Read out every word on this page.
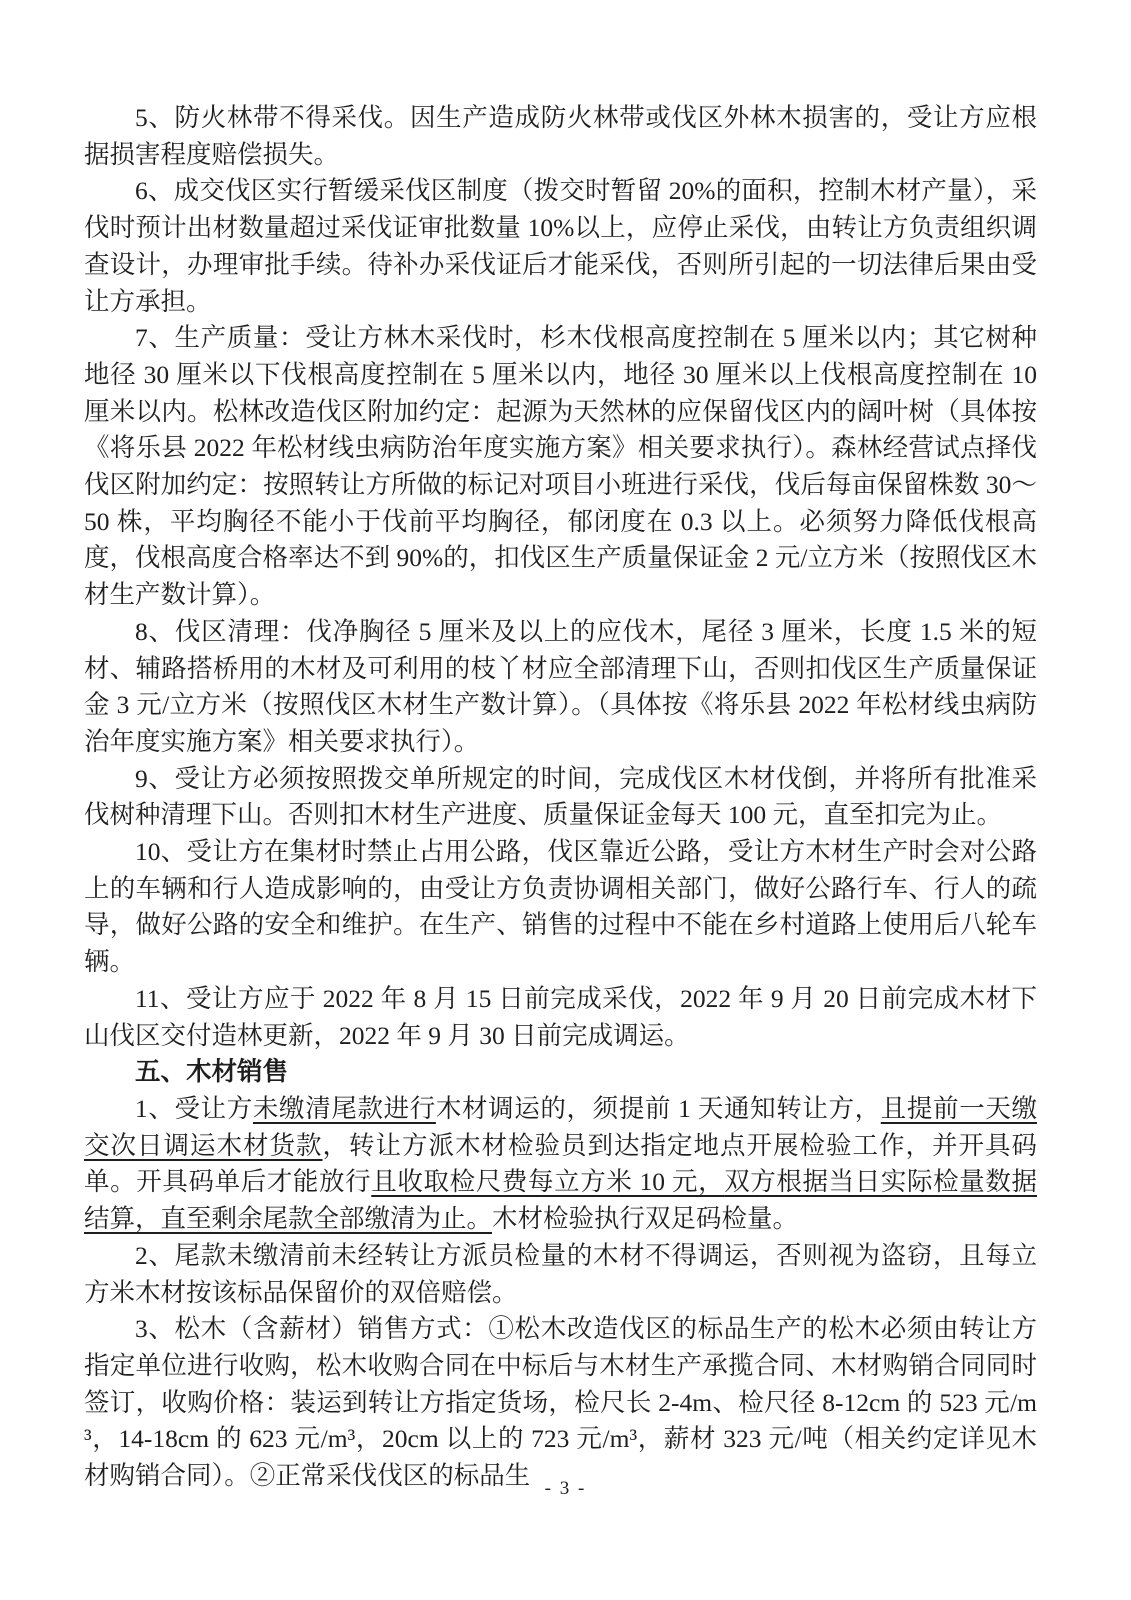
5、防火林带不得采伐。因生产造成防火林带或伐区外林木损害的，受让方应根据损害程度赔偿损失。

6、成交伐区实行暂缓采伐区制度（拨交时暂留 20%的面积，控制木材产量），采伐时预计出材数量超过采伐证审批数量 10%以上，应停止采伐，由转让方负责组织调查设计，办理审批手续。待补办采伐证后才能采伐，否则所引起的一切法律后果由受让方承担。

7、生产质量：受让方林木采伐时，杉木伐根高度控制在 5 厘米以内；其它树种地径 30 厘米以下伐根高度控制在 5 厘米以内，地径 30 厘米以上伐根高度控制在 10 厘米以内。松林改造伐区附加约定：起源为天然林的应保留伐区内的阔叶树（具体按《将乐县 2022 年松材线虫病防治年度实施方案》相关要求执行）。森林经营试点择伐伐区附加约定：按照转让方所做的标记对项目小班进行采伐，伐后每亩保留株数 30～50 株，平均胸径不能小于伐前平均胸径，郁闭度在 0.3 以上。必须努力降低伐根高度，伐根高度合格率达不到 90%的，扣伐区生产质量保证金 2 元/立方米（按照伐区木材生产数计算）。

8、伐区清理：伐净胸径 5 厘米及以上的应伐木，尾径 3 厘米，长度 1.5 米的短材、辅路搭桥用的木材及可利用的枝丫材应全部清理下山，否则扣伐区生产质量保证金 3 元/立方米（按照伐区木材生产数计算）。（具体按《将乐县 2022 年松材线虫病防治年度实施方案》相关要求执行）。

9、受让方必须按照拨交单所规定的时间，完成伐区木材伐倒，并将所有批准采伐树种清理下山。否则扣木材生产进度、质量保证金每天 100 元，直至扣完为止。

10、受让方在集材时禁止占用公路，伐区靠近公路，受让方木材生产时会对公路上的车辆和行人造成影响的，由受让方负责协调相关部门，做好公路行车、行人的疏导，做好公路的安全和维护。在生产、销售的过程中不能在乡村道路上使用后八轮车辆。

11、受让方应于 2022 年 8 月 15 日前完成采伐，2022 年 9 月 20 日前完成木材下山伐区交付造林更新，2022 年 9 月 30 日前完成调运。

五、木材销售

1、受让方未缴清尾款进行木材调运的，须提前 1 天通知转让方，且提前一天缴交次日调运木材货款，转让方派木材检验员到达指定地点开展检验工作，并开具码单。开具码单后才能放行且收取检尺费每立方米 10 元，双方根据当日实际检量数据结算，直至剩余尾款全部缴清为止。木材检验执行双足码检量。

2、尾款未缴清前未经转让方派员检量的木材不得调运，否则视为盗窃，且每立方米木材按该标品保留价的双倍赔偿。

3、松木（含薪材）销售方式：①松木改造伐区的标品生产的松木必须由转让方指定单位进行收购，松木收购合同在中标后与木材生产承揽合同、木材购销合同同时签订，收购价格：装运到转让方指定货场，检尺长 2-4m、检尺径 8-12cm 的 523 元/m³，14-18cm 的 623 元/m³，20cm 以上的 723 元/m³，薪材 323 元/吨（相关约定详见木材购销合同）。②正常采伐伐区的标品生 - 3 -
